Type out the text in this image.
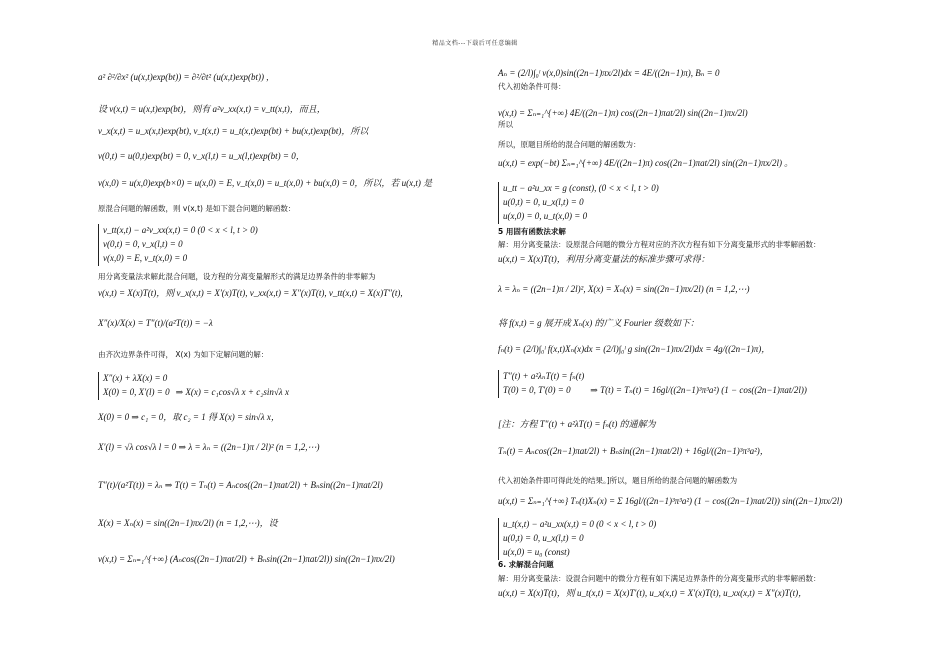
精品文档---下载后可任意编辑
a² ∂²/∂x² (u(x,t)exp(bt)) = ∂²/∂t² (u(x,t)exp(bt)) ,
设 v(x,t) = u(x,t)exp(bt)，则有 a²v_xx(x,t) = v_tt(x,t)，而且，
v_x(x,t) = u_x(x,t)exp(bt), v_t(x,t) = u_t(x,t)exp(bt) + bu(x,t)exp(bt)，所以
v(0,t) = u(0,t)exp(bt) = 0, v_x(l,t) = u_x(l,t)exp(bt) = 0，
v(x,0) = u(x,0)exp(b×0) = u(x,0) = E, v_t(x,0) = u_t(x,0) + bu(x,0) = 0，所以，若 u(x,t) 是
原混合问题的解函数，则 v(x,t) 是如下混合问题的解函数：
用分离变量法求解此混合问题，设方程的分离变量解形式的满足边界条件的非零解为
v(x,t) = X(x)T(t)，则 v_x(x,t) = X′(x)T(t), v_xx(x,t) = X″(x)T(t), v_tt(x,t) = X(x)T″(t),
X″(x)/X(x) = T″(t)/(a²T(t)) = −λ
由齐次边界条件可得， X(x) 为如下定解问题的解：
X(0) = 0 ⇒ c₁ = 0，取 c₂ = 1 得 X(x) = sin√λ x，
X′(l) = √λ cos√λ l = 0 ⇒ λ = λₙ = ((2n−1)π / 2l)² (n = 1,2,⋯)
T″(t)/(a²T(t)) = λₙ ⇒ T(t) = Tₙ(t) = Aₙcos((2n−1)πat/2l) + Bₙsin((2n−1)πat/2l)
X(x) = Xₙ(x) = sin((2n−1)πx/2l) (n = 1,2,⋯)，设
v(x,t) = Σₙ₌₁^{+∞} (Aₙcos((2n−1)πat/2l) + Bₙsin((2n−1)πat/2l)) sin((2n−1)πx/2l)
v_tt(x,t) − a²v_xx(x,t) = 0 (0 < x < l, t > 0)
v(0,t) = 0, v_x(l,t) = 0
v(x,0) = E, v_t(x,0) = 0
X″(x) + λX(x) = 0
X(0) = 0, X′(l) = 0 ⇒ X(x) = c₁cos√λ x + c₂sin√λ x
Aₙ = (2/l)∫₀ˡ v(x,0)sin((2n−1)πx/2l)dx = 4E/((2n−1)π), Bₙ = 0
代入初始条件可得：
v(x,t) = Σₙ₌₁^{+∞} 4E/((2n−1)π) cos((2n−1)πat/2l) sin((2n−1)πx/2l)
所以
所以，原题目所给的混合问题的解函数为：
u(x,t) = exp(−bt) Σₙ₌₁^{+∞} 4E/((2n−1)π) cos((2n−1)πat/2l) sin((2n−1)πx/2l) 。
5 用固有函数法求解
解：用分离变量法：设原混合问题的微分方程对应的齐次方程有如下分离变量形式的非零解函数：
u(x,t) = X(x)T(t)，利用分离变量法的标准步骤可求得：
λ = λₙ = ((2n−1)π / 2l)², X(x) = Xₙ(x) = sin((2n−1)πx/2l) (n = 1,2,⋯)
将 f(x,t) = g 展开成 Xₙ(x) 的广义 Fourier 级数如下：
fₙ(t) = (2/l)∫₀ˡ f(x,t)Xₙ(x)dx = (2/l)∫₀ˡ g sin((2n−1)πx/2l)dx = 4g/((2n−1)π)，
[注：方程 T″(t) + a²λT(t) = fₙ(t) 的通解为
Tₙ(t) = Aₙcos((2n−1)πat/2l) + Bₙsin((2n−1)πat/2l) + 16gl/((2n−1)³π³a²)，
代入初始条件即可得此处的结果。]所以，题目所给的混合问题的解函数为
u(x,t) = Σₙ₌₁^{+∞} Tₙ(t)Xₙ(x) = Σ 16gl/((2n−1)³π³a²) (1 − cos((2n−1)πat/2l)) sin((2n−1)πx/2l)
6. 求解混合问题
解：用分离变量法：设混合问题中的微分方程有如下满足边界条件的分离变量形式的非零解函数：
u(x,t) = X(x)T(t)，则 u_t(x,t) = X(x)T′(t), u_x(x,t) = X′(x)T(t), u_xx(x,t) = X″(x)T(t)，
u_tt − a²u_xx = g (const), (0 < x < l, t > 0)
u(0,t) = 0, u_x(l,t) = 0
u(x,0) = 0, u_t(x,0) = 0
T″(t) + a²λₙT(t) = fₙ(t)
T(0) = 0, T′(0) = 0	⇒ T(t) = Tₙ(t) = 16gl/((2n−1)³π³a²) (1 − cos((2n−1)πat/2l))
u_t(x,t) − a²u_xx(x,t) = 0 (0 < x < l, t > 0)
u(0,t) = 0, u_x(l,t) = 0
u(x,0) = u₀ (const)
